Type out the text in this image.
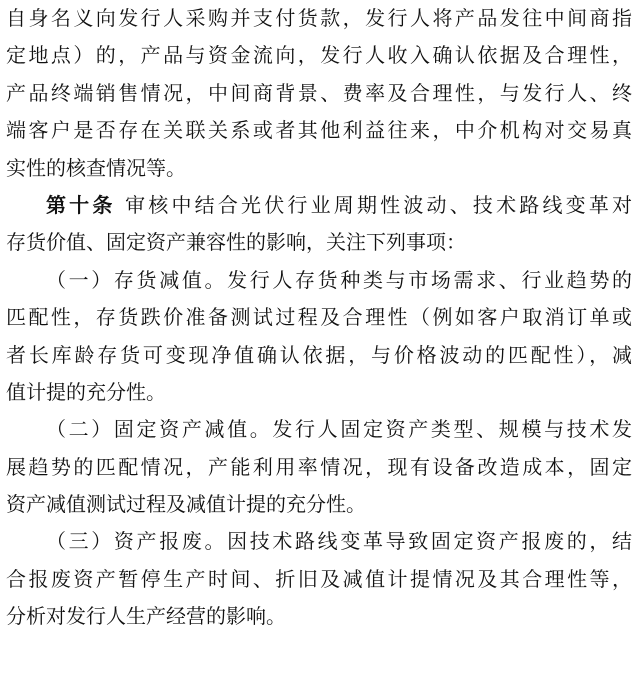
自身名义向发行人采购并支付货款，发行人将产品发往中间商指
定地点）的，产品与资金流向，发行人收入确认依据及合理性，
产品终端销售情况，中间商背景、费率及合理性，与发行人、终
端客户是否存在关联关系或者其他利益往来，中介机构对交易真
实性的核查情况等。
第十条 审核中结合光伏行业周期性波动、技术路线变革对
存货价值、固定资产兼容性的影响，关注下列事项：
（一）存货减值。发行人存货种类与市场需求、行业趋势的
匹配性，存货跌价准备测试过程及合理性（例如客户取消订单或
者长库龄存货可变现净值确认依据，与价格波动的匹配性），减
值计提的充分性。
（二）固定资产减值。发行人固定资产类型、规模与技术发
展趋势的匹配情况，产能利用率情况，现有设备改造成本，固定
资产减值测试过程及减值计提的充分性。
（三）资产报废。因技术路线变革导致固定资产报废的，结
合报废资产暂停生产时间、折旧及减值计提情况及其合理性等，
分析对发行人生产经营的影响。
